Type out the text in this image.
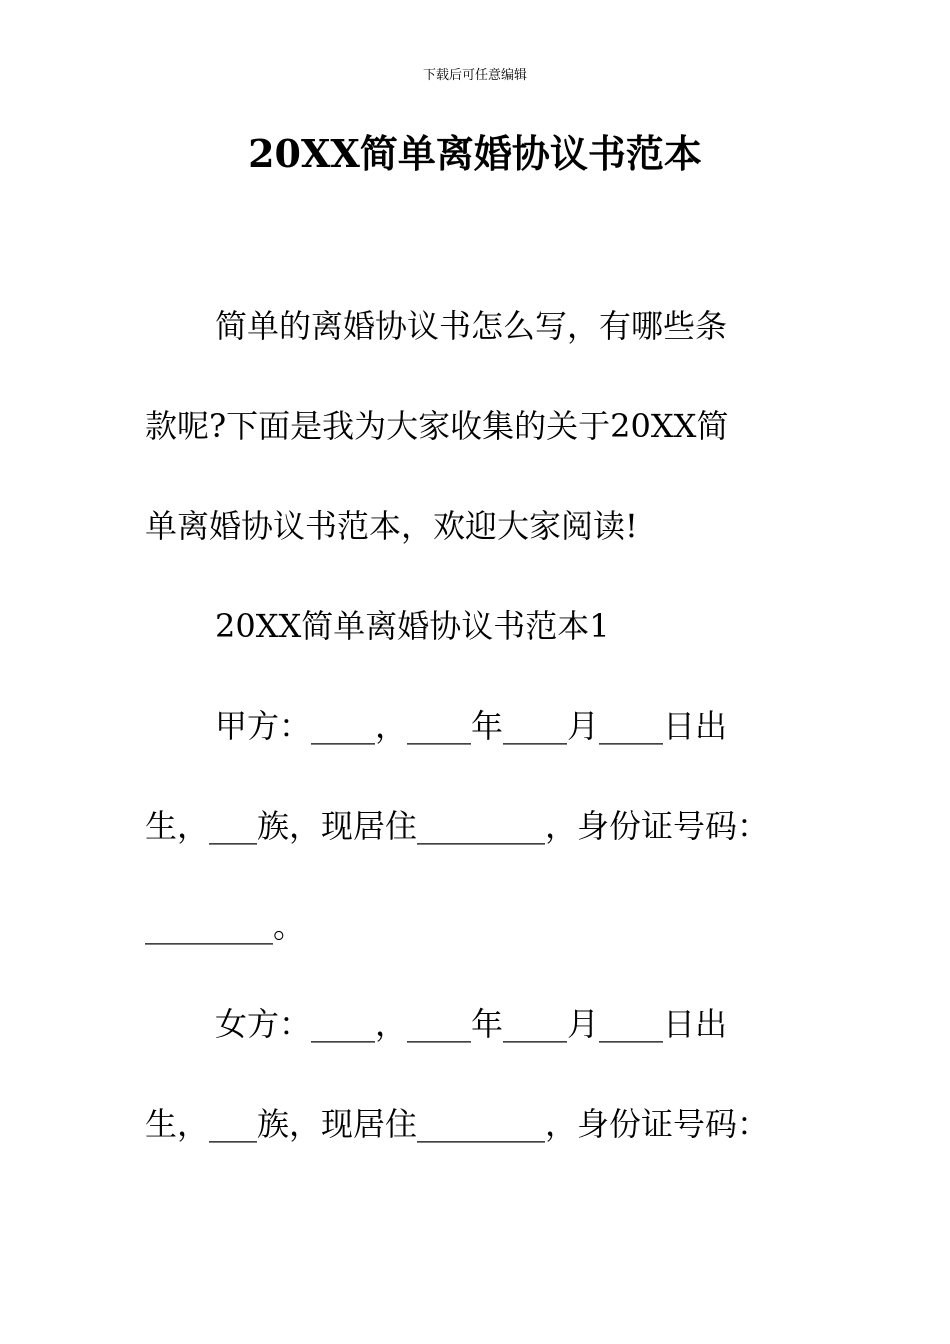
下载后可任意编辑
20XX简单离婚协议书范本

简单的离婚协议书怎么写，有哪些条

款呢?下面是我为大家收集的关于20XX简

单离婚协议书范本，欢迎大家阅读!

20XX简单离婚协议书范本1

甲方：____，____年____月____日出

生，___族，现居住________，身份证号码：

________。

女方：____，____年____月____日出

生，___族，现居住________，身份证号码：
